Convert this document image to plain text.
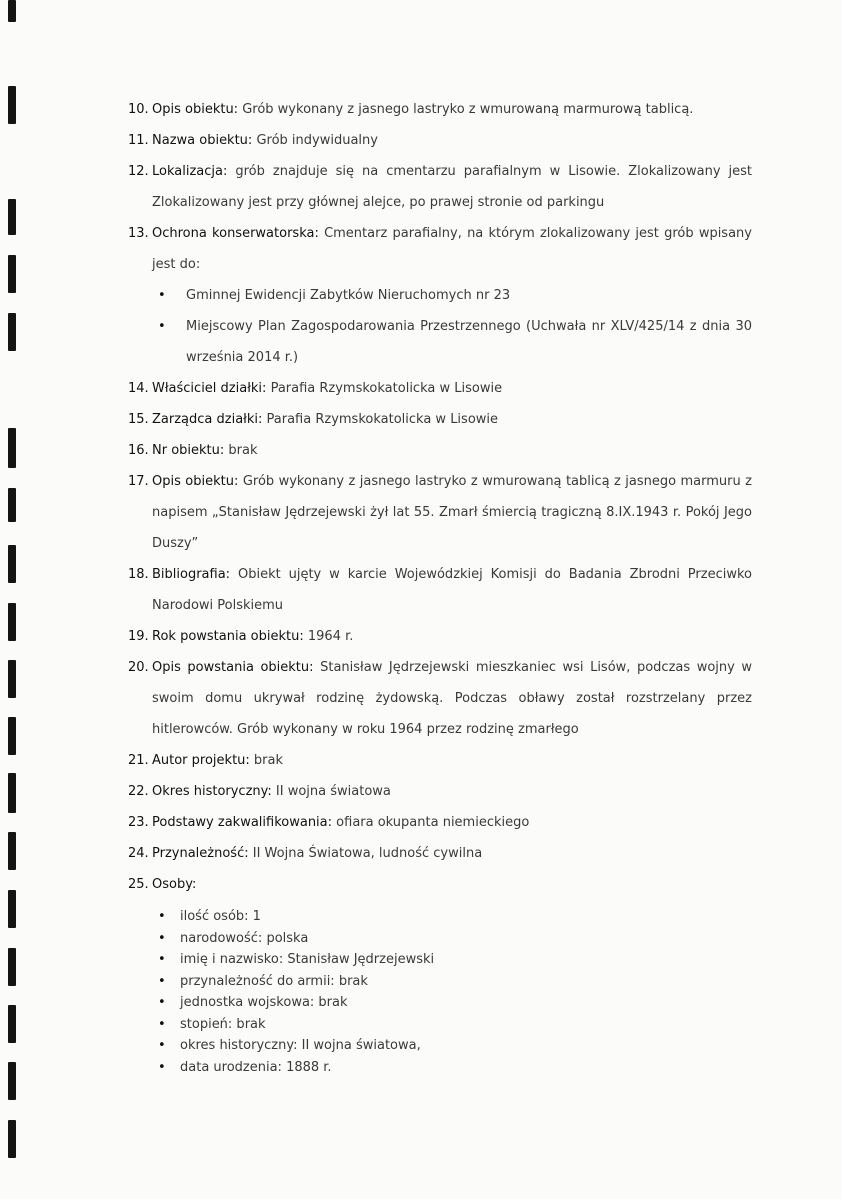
10. Opis obiektu: Grób wykonany z jasnego lastryko z wmurowaną marmurową tablicą.
11. Nazwa obiektu: Grób indywidualny
12. Lokalizacja: grób znajduje się na cmentarzu parafialnym w Lisowie. Zlokalizowany jest Zlokalizowany jest przy głównej alejce, po prawej stronie od parkingu
13. Ochrona konserwatorska: Cmentarz parafialny, na którym zlokalizowany jest grób wpisany jest do:
• Gminnej Ewidencji Zabytków Nieruchomych nr 23
• Miejscowy Plan Zagospodarowania Przestrzennego (Uchwała nr XLV/425/14 z dnia 30 września 2014 r.)
14. Właściciel działki: Parafia Rzymskokatolicka w Lisowie
15. Zarządca działki: Parafia Rzymskokatolicka w Lisowie
16. Nr obiektu: brak
17. Opis obiektu: Grób wykonany z jasnego lastryko z wmurowaną tablicą z jasnego marmuru z napisem „Stanisław Jędrzejewski żył lat 55. Zmarł śmiercią tragiczną 8.IX.1943 r. Pokój Jego Duszy”
18. Bibliografia: Obiekt ujęty w karcie Wojewódzkiej Komisji do Badania Zbrodni Przeciwko Narodowi Polskiemu
19. Rok powstania obiektu: 1964 r.
20. Opis powstania obiektu: Stanisław Jędrzejewski mieszkaniec wsi Lisów, podczas wojny w swoim domu ukrywał rodzinę żydowską. Podczas obławy został rozstrzelany przez hitlerowców. Grób wykonany w roku 1964 przez rodzinę zmarłego
21. Autor projektu: brak
22. Okres historyczny: II wojna światowa
23. Podstawy zakwalifikowania: ofiara okupanta niemieckiego
24. Przynależność: II Wojna Światowa, ludność cywilna
25. Osoby:
• ilość osób: 1
• narodowość: polska
• imię i nazwisko: Stanisław Jędrzejewski
• przynależność do armii: brak
• jednostka wojskowa: brak
• stopień: brak
• okres historyczny: II wojna światowa,
• data urodzenia: 1888 r.
